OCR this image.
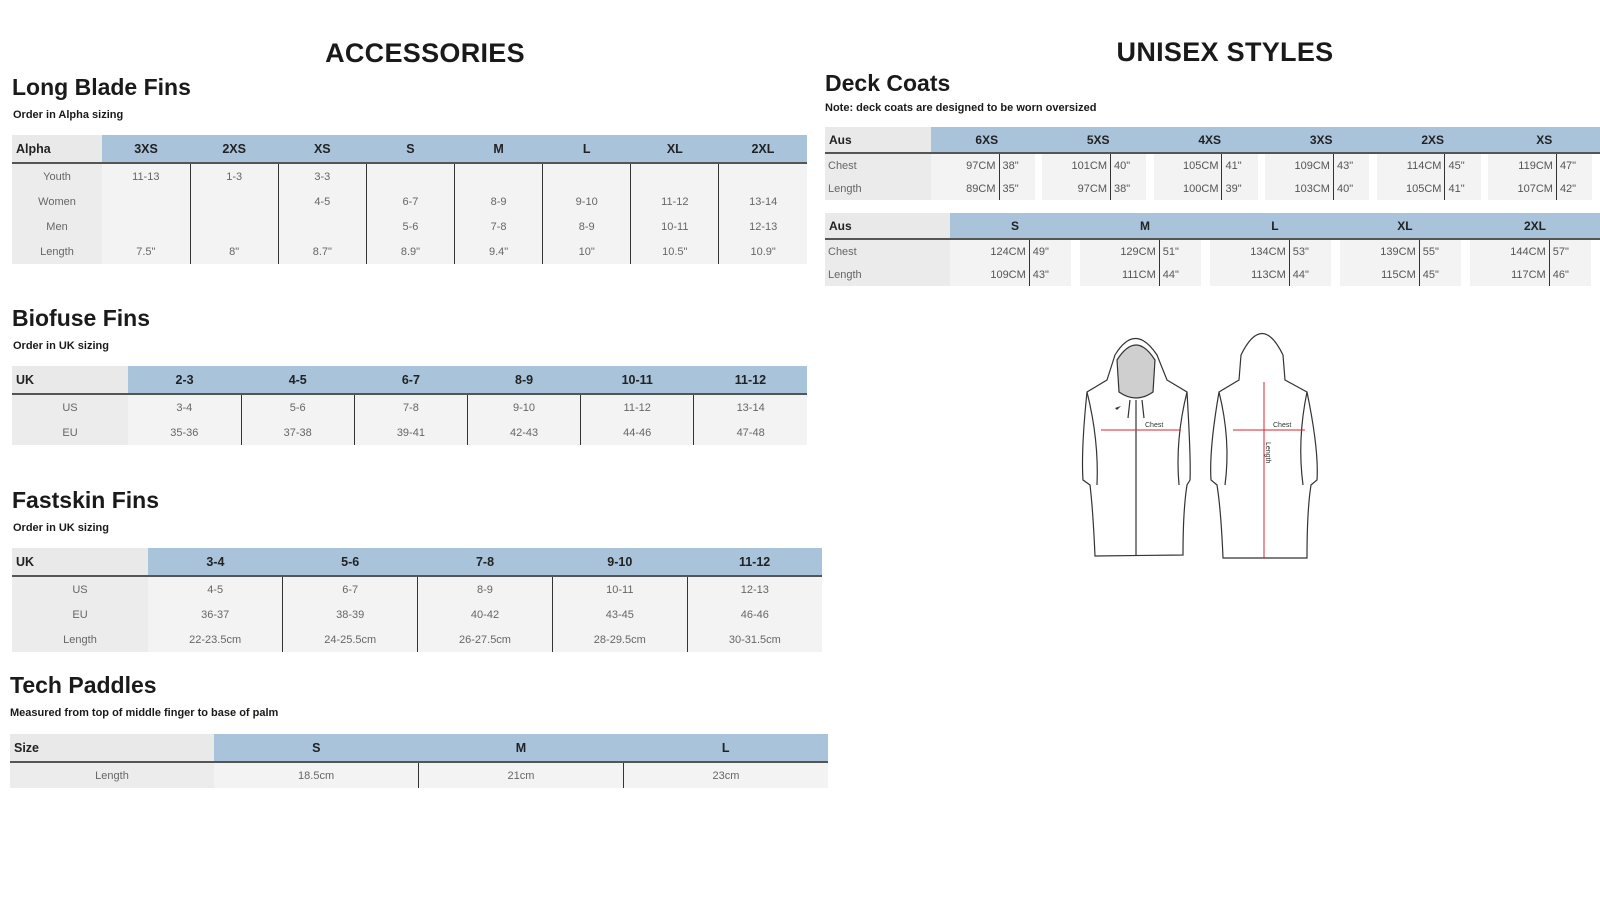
ACCESSORIES	UNISEX STYLES
Long Blade Fins
Order in Alpha sizing
Alpha	3XS	2XS	XS	S	M	L	XL	2XL
Youth	11-13	1-3	3-3					
Women			4-5	6-7	8-9	9-10	11-12	13-14
Men				5-6	7-8	8-9	10-11	12-13
Length	7.5"	8"	8.7"	8.9"	9.4"	10"	10.5"	10.9"
Biofuse Fins
Order in UK sizing
UK	2-3	4-5	6-7	8-9	10-11	11-12
US	3-4	5-6	7-8	9-10	11-12	13-14
EU	35-36	37-38	39-41	42-43	44-46	47-48
Fastskin Fins
Order in UK sizing
UK	3-4	5-6	7-8	9-10	11-12
US	4-5	6-7	8-9	10-11	12-13
EU	36-37	38-39	40-42	43-45	46-46
Length	22-23.5cm	24-25.5cm	26-27.5cm	28-29.5cm	30-31.5cm
Tech Paddles
Measured from top of middle finger to base of palm
Size	S	M	L
Length	18.5cm	21cm	23cm
Deck Coats
Note: deck coats are designed to be worn oversized
Aus	6XS			5XS			4XS			3XS			2XS			XS		
Chest	97CM	38"		101CM	40"		105CM	41"		109CM	43"		114CM	45"		119CM	47"	
Length	89CM	35"		97CM	38"		100CM	39"		103CM	40"		105CM	41"		107CM	42"	
Aus	S			M			L			XL			2XL		
Chest	124CM	49"		129CM	51"		134CM	53"		139CM	55"		144CM	57"	
Length	109CM	43"		111CM	44"		113CM	44"		115CM	45"		117CM	46"	
Chest	Chest
Length
